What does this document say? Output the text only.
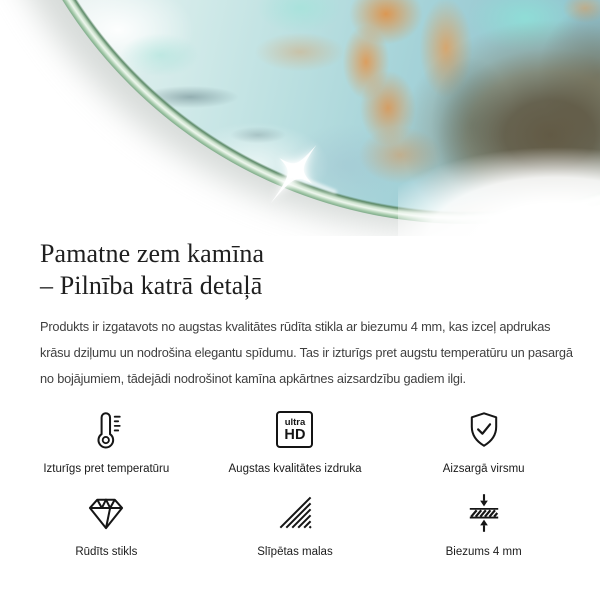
Pamatne zem kamīna
– Pilnība katrā detaļā
Produkts ir izgatavots no augstas kvalitātes rūdīta stikla ar biezumu 4 mm, kas izceļ apdrukas
krāsu dziļumu un nodrošina elegantu spīdumu. Tas ir izturīgs pret augstu temperatūru un pasargā
no bojājumiem, tādejādi nodrošinot kamīna apkārtnes aizsardzību gadiem ilgi.
Izturīgs pret temperatūru
ultra
HD
Augstas kvalitātes izdruka	Aizsargā virsmu
Rūdīts stikls	Slīpētas malas	Biezums 4 mm
